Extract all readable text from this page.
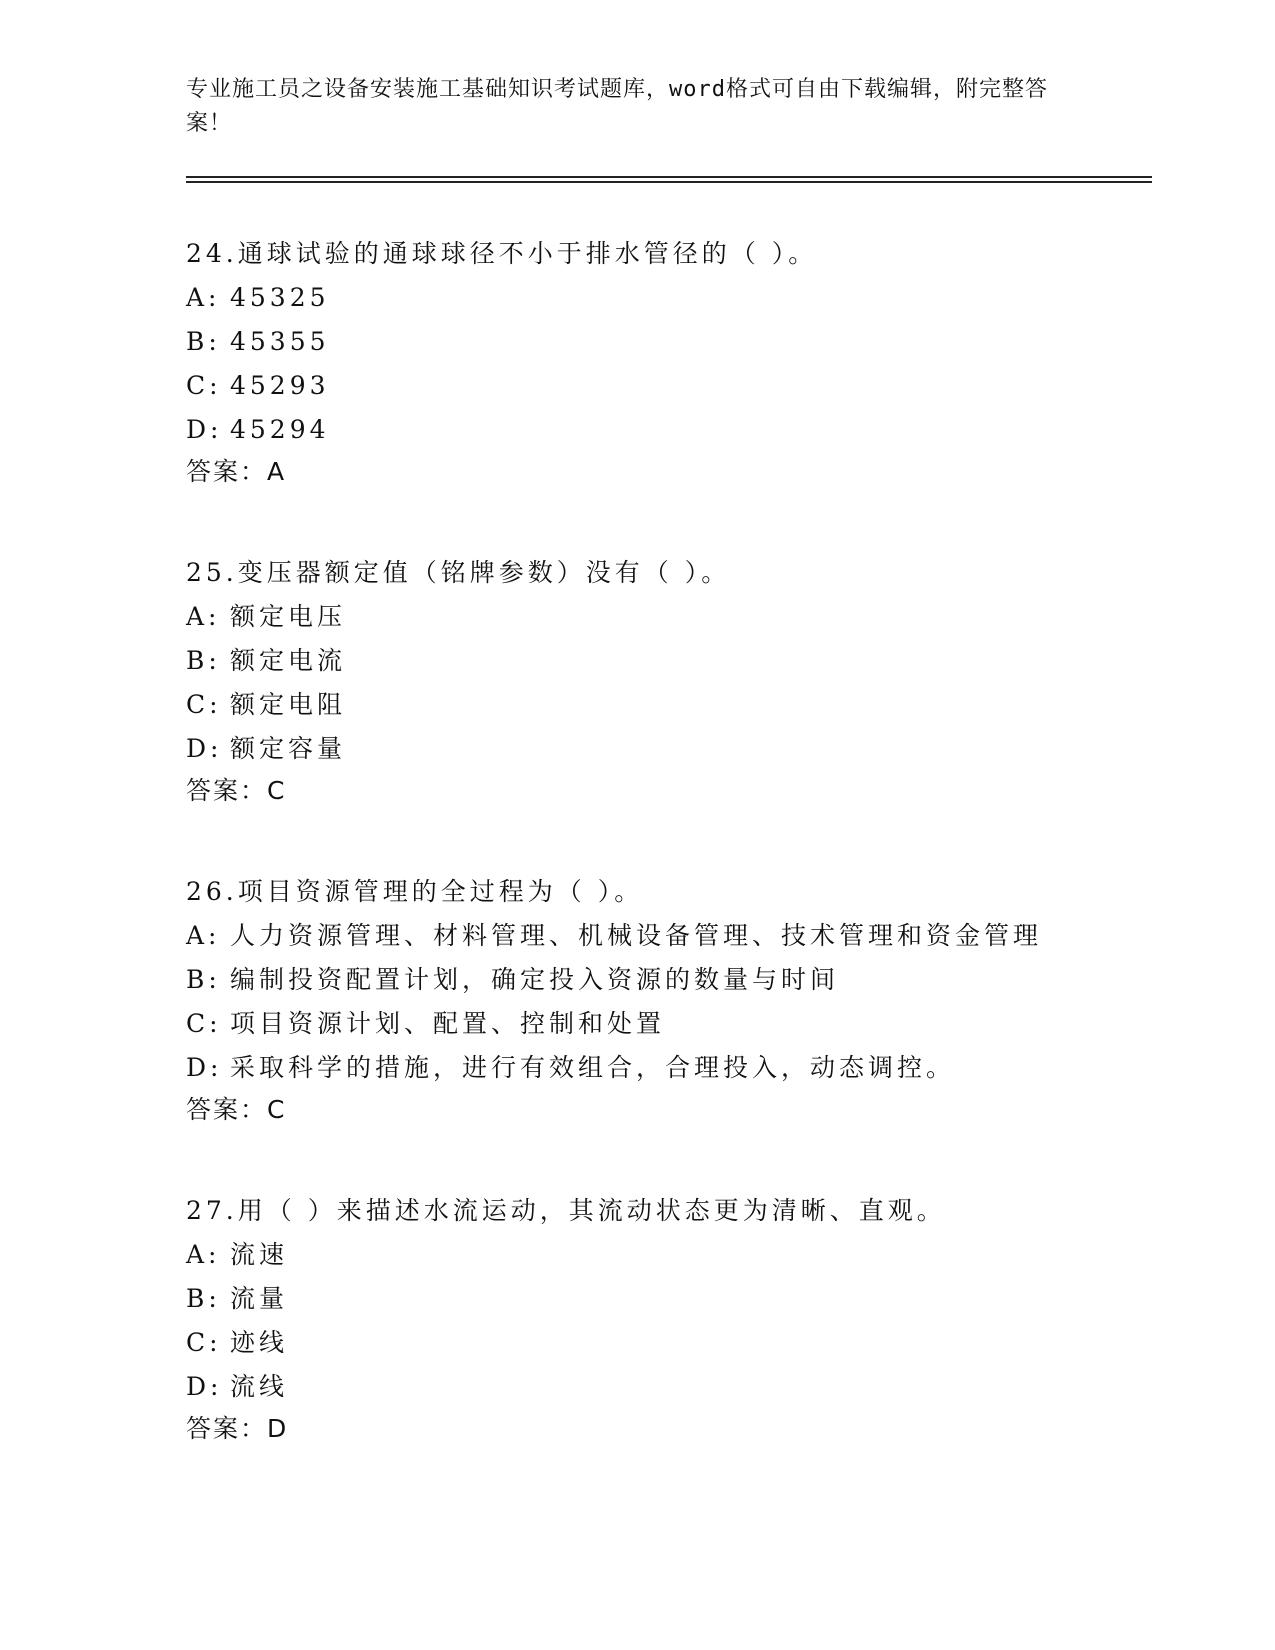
专业施工员之设备安装施工基础知识考试题库，word格式可自由下载编辑，附完整答案！
24.通球试验的通球球径不小于排水管径的（ ）。
A: 45325
B: 45355
C: 45293
D: 45294
答案：A
25.变压器额定值（铭牌参数）没有（ ）。
A: 额定电压
B: 额定电流
C: 额定电阻
D: 额定容量
答案：C
26.项目资源管理的全过程为（ ）。
A: 人力资源管理、材料管理、机械设备管理、技术管理和资金管理
B: 编制投资配置计划，确定投入资源的数量与时间
C: 项目资源计划、配置、控制和处置
D: 采取科学的措施，进行有效组合，合理投入，动态调控。
答案：C
27.用（ ）来描述水流运动，其流动状态更为清晰、直观。
A: 流速
B: 流量
C: 迹线
D: 流线
答案：D
